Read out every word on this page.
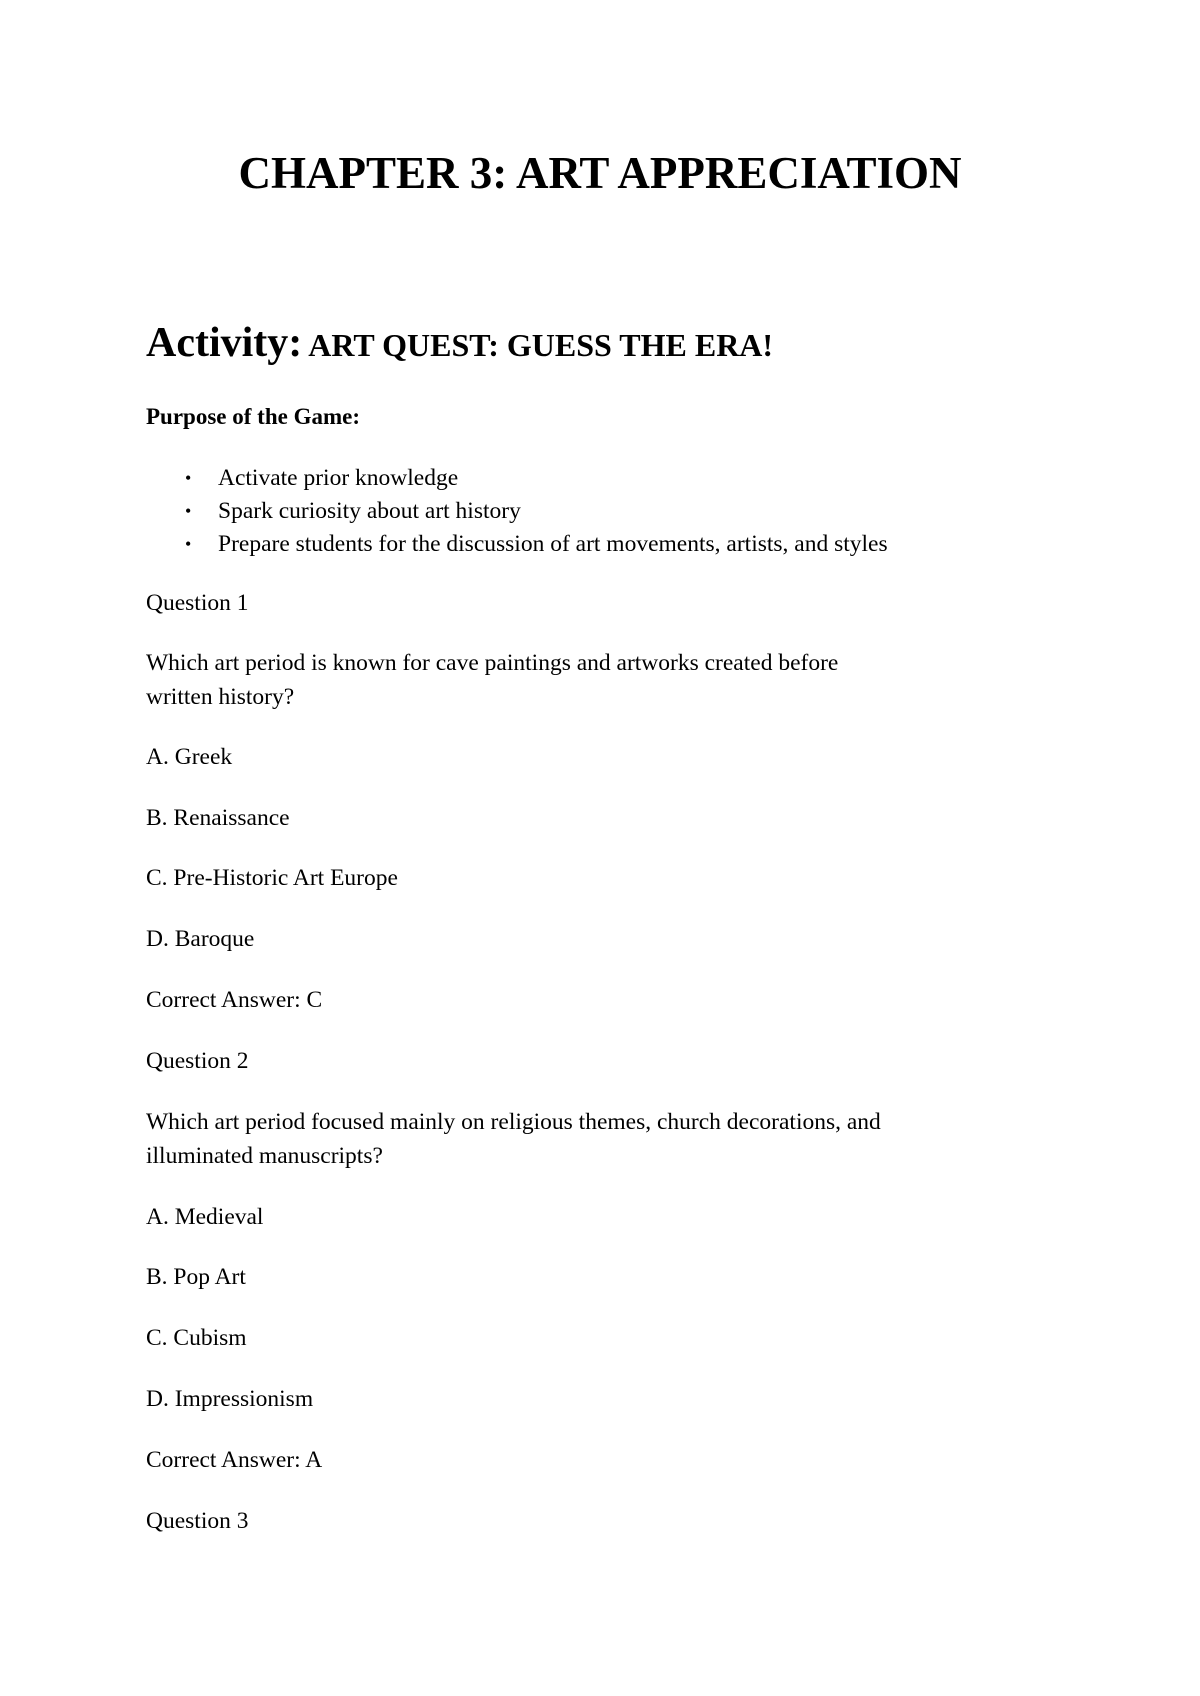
CHAPTER 3: ART APPRECIATION
Activity: ART QUEST: GUESS THE ERA!

Purpose of the Game:

• Activate prior knowledge
• Spark curiosity about art history
• Prepare students for the discussion of art movements, artists, and styles

Question 1

Which art period is known for cave paintings and artworks created before

written history?

A. Greek

B. Renaissance

C. Pre-Historic Art Europe

D. Baroque

Correct Answer: C

Question 2

Which art period focused mainly on religious themes, church decorations, and

illuminated manuscripts?

A. Medieval

B. Pop Art

C. Cubism

D. Impressionism

Correct Answer: A

Question 3
